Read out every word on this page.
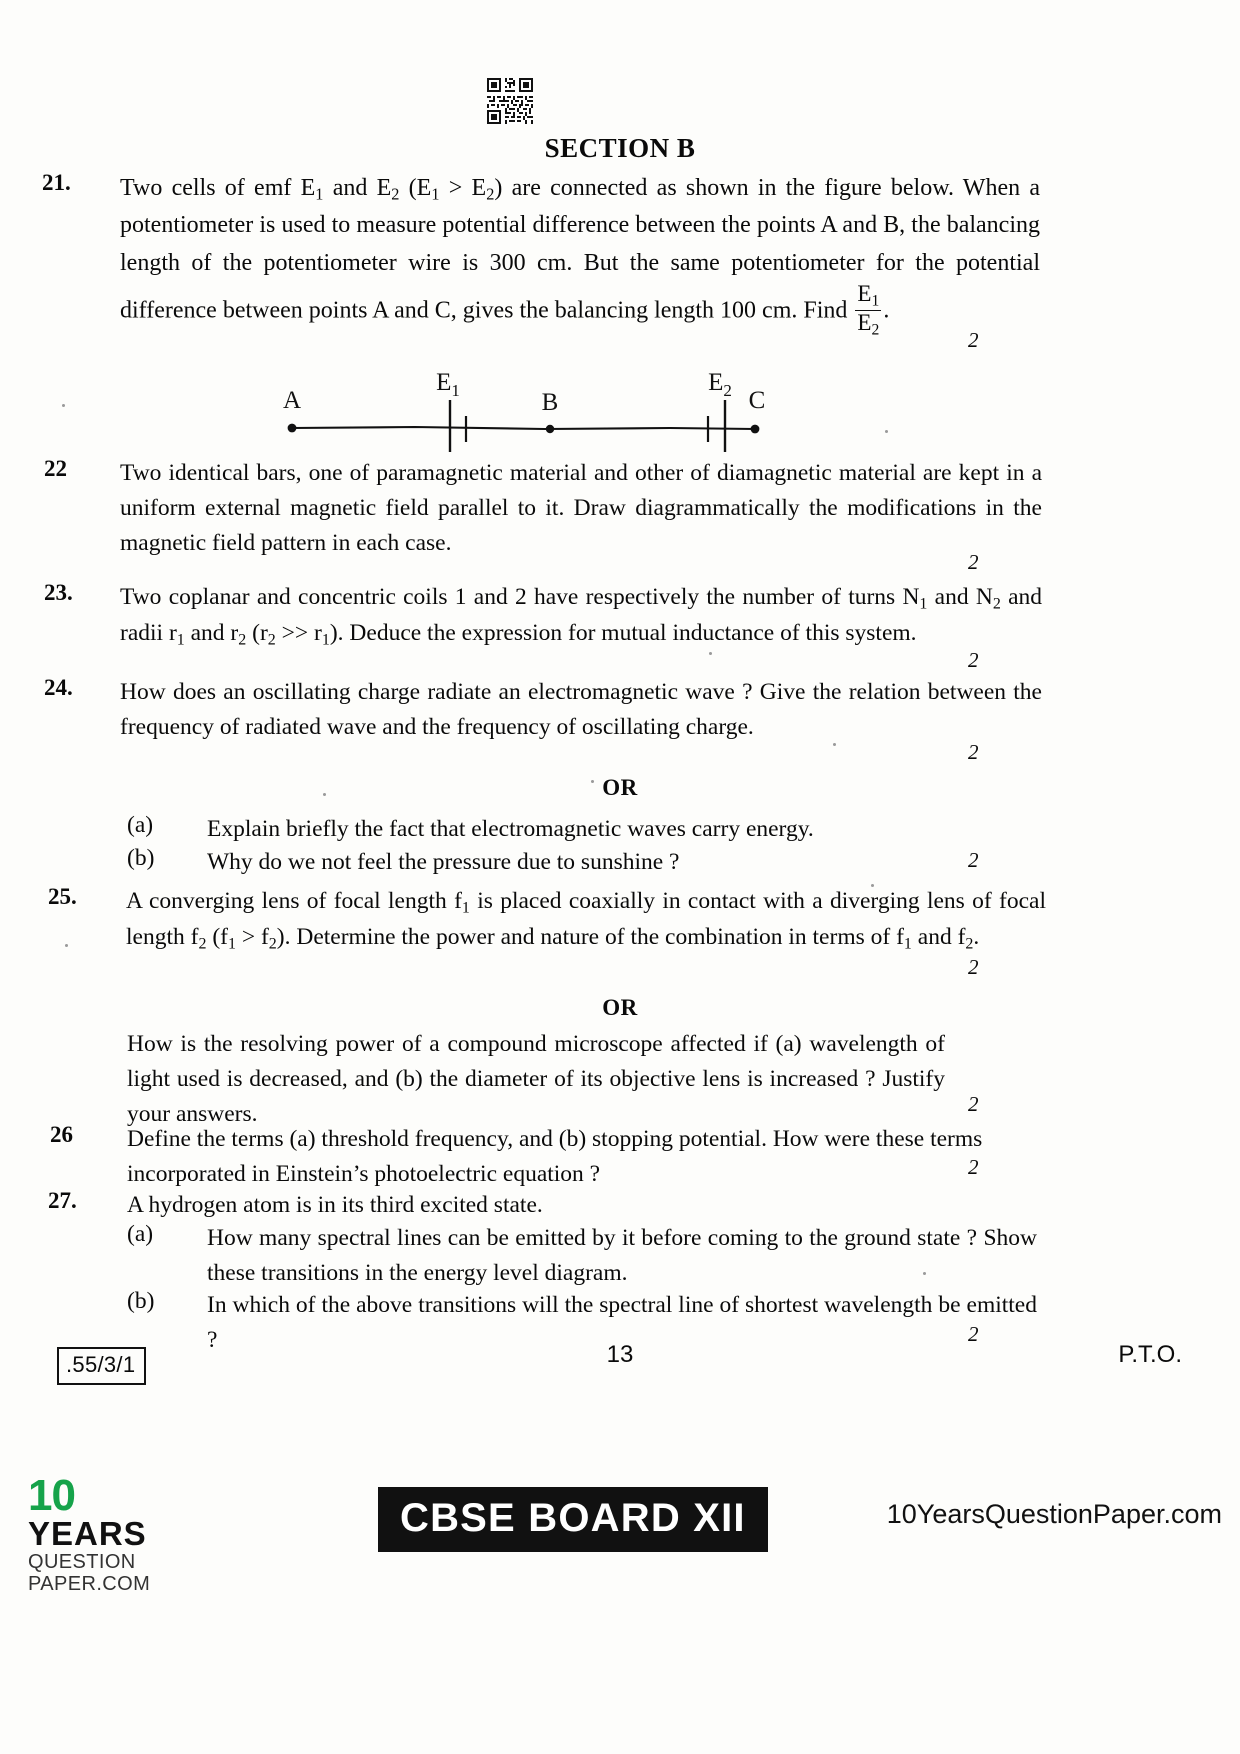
SECTION B
21.	Two cells of emf $E_1$ and $E_2$ $(E_1 > E_2)$ are connected as shown in the figure below. When a potentiometer is used to measure potential difference between the points A and B, the balancing length of the potentiometer wire is 300 cm. But the same potentiometer for the potential difference between points A and C, gives the balancing length 100 cm. Find $\frac{E_1}{E_2}$ .
2
A	B	C
$E_1$	$E_2$
22	Two identical bars, one of paramagnetic material and other of diamagnetic material are kept in a uniform external magnetic field parallel to it. Draw diagrammatically the modifications in the magnetic field pattern in each case.
2
23.	Two coplanar and concentric coils 1 and 2 have respectively the number of turns $N_1$ and $N_2$ and radii $r_1$ and $r_2$ $(r_2 >> r_1)$. Deduce the expression for mutual inductance of this system.
2
24.	How does an oscillating charge radiate an electromagnetic wave ? Give the relation between the frequency of radiated wave and the frequency of oscillating charge.
2
OR
(a)	Explain briefly the fact that electromagnetic waves carry energy.
(b)	Why do we not feel the pressure due to sunshine ?	2
25.	A converging lens of focal length $f_1$ is placed coaxially in contact with a diverging lens of focal length $f_2$ $(f_1 > f_2)$. Determine the power and nature of the combination in terms of $f_1$ and $f_2$.
2
OR
How is the resolving power of a compound microscope affected if (a) wavelength of light used is decreased, and (b) the diameter of its objective lens is increased ? Justify your answers.	2
26	Define the terms (a) threshold frequency, and (b) stopping potential. How were these terms incorporated in Einstein’s photoelectric equation ?	2
27.	A hydrogen atom is in its third excited state.
(a)	How many spectral lines can be emitted by it before coming to the ground state ? Show these transitions in the energy level diagram.
(b)	In which of the above transitions will the spectral line of shortest wavelength be emitted ?	2
.55/3/1	13	P.T.O.
10
YEARS
QUESTION PAPER.COM
CBSE BOARD XII	10YearsQuestionPaper.com
